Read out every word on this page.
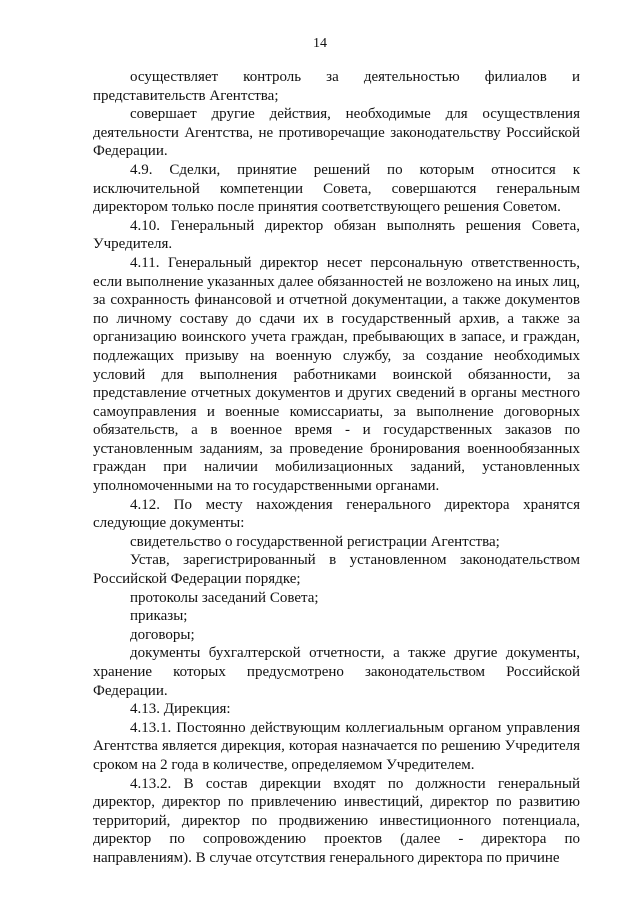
14

осуществляет контроль за деятельностью филиалов и представительств Агентства;

совершает другие действия, необходимые для осуществления деятельности Агентства, не противоречащие законодательству Российской Федерации.

4.9. Сделки, принятие решений по которым относится к исключительной компетенции Совета, совершаются генеральным директором только после принятия соответствующего решения Советом.

4.10. Генеральный директор обязан выполнять решения Совета, Учредителя.

4.11. Генеральный директор несет персональную ответственность, если выполнение указанных далее обязанностей не возложено на иных лиц, за сохранность финансовой и отчетной документации, а также документов по личному составу до сдачи их в государственный архив, а также за организацию воинского учета граждан, пребывающих в запасе, и граждан, подлежащих призыву на военную службу, за создание необходимых условий для выполнения работниками воинской обязанности, за представление отчетных документов и других сведений в органы местного самоуправления и военные комиссариаты, за выполнение договорных обязательств, а в военное время - и государственных заказов по установленным заданиям, за проведение бронирования военнообязанных граждан при наличии мобилизационных заданий, установленных уполномоченными на то государственными органами.

4.12. По месту нахождения генерального директора хранятся следующие документы:

свидетельство о государственной регистрации Агентства;

Устав, зарегистрированный в установленном законодательством Российской Федерации порядке;

протоколы заседаний Совета;

приказы;

договоры;

документы бухгалтерской отчетности, а также другие документы, хранение которых предусмотрено законодательством Российской Федерации.

4.13. Дирекция:

4.13.1. Постоянно действующим коллегиальным органом управления Агентства является дирекция, которая назначается по решению Учредителя сроком на 2 года в количестве, определяемом Учредителем.

4.13.2. В состав дирекции входят по должности генеральный директор, директор по привлечению инвестиций, директор по развитию территорий, директор по продвижению инвестиционного потенциала, директор по сопровождению проектов (далее - директора по направлениям). В случае отсутствия генерального директора по причине
